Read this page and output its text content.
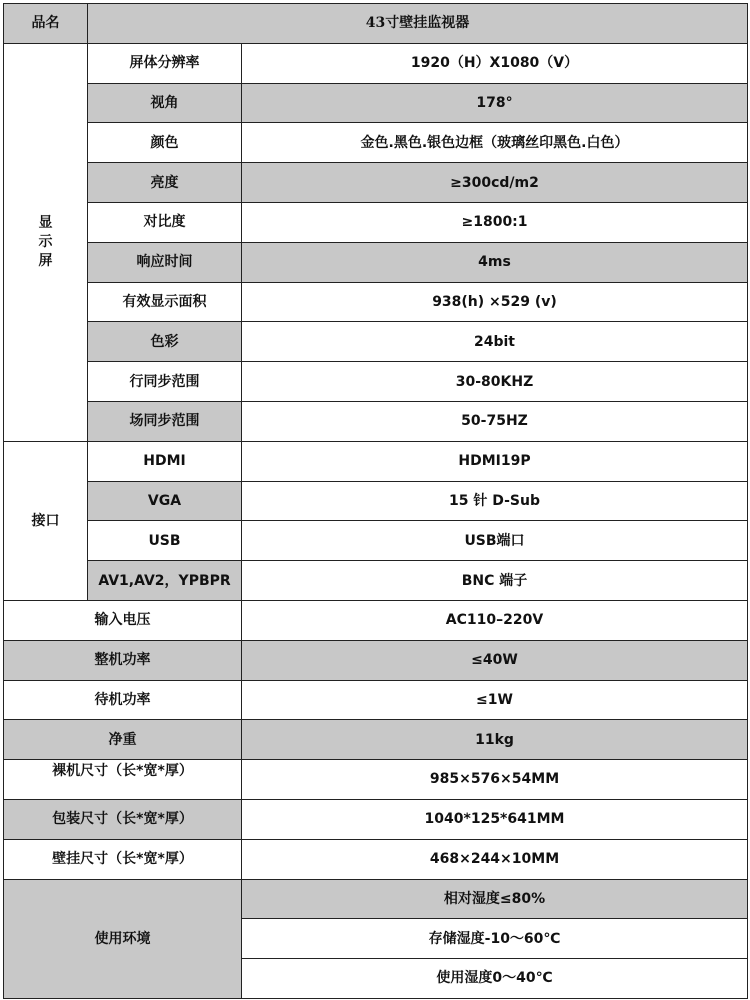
品名	43寸壁挂监视器	
显示屏	屏体分辨率	1920（H）X1080（V）
	视角	178°
	颜色	金色.黑色.银色边框（玻璃丝印黑色.白色）
	亮度	≥300cd/m2
	对比度	≥1800:1
	响应时间	4ms
	有效显示面积	938(h) ×529 (v)
	色彩	24bit
	行同步范围	30-80KHZ
	场同步范围	50-75HZ
接口	HDMI	HDMI19P
	VGA	15 针 D-Sub
	USB	USB端口
	AV1,AV2，YPBPR	BNC 端子
输入电压		AC110–220V
整机功率		≤40W
待机功率		≤1W
净重		11kg
裸机尺寸（长*宽*厚）		985×576×54MM
包装尺寸（长*宽*厚）		1040*125*641MM
壁挂尺寸（长*宽*厚）		468×244×10MM
使用环境		相对湿度≤80%
		存储湿度-10～60℃
		使用湿度0～40℃
